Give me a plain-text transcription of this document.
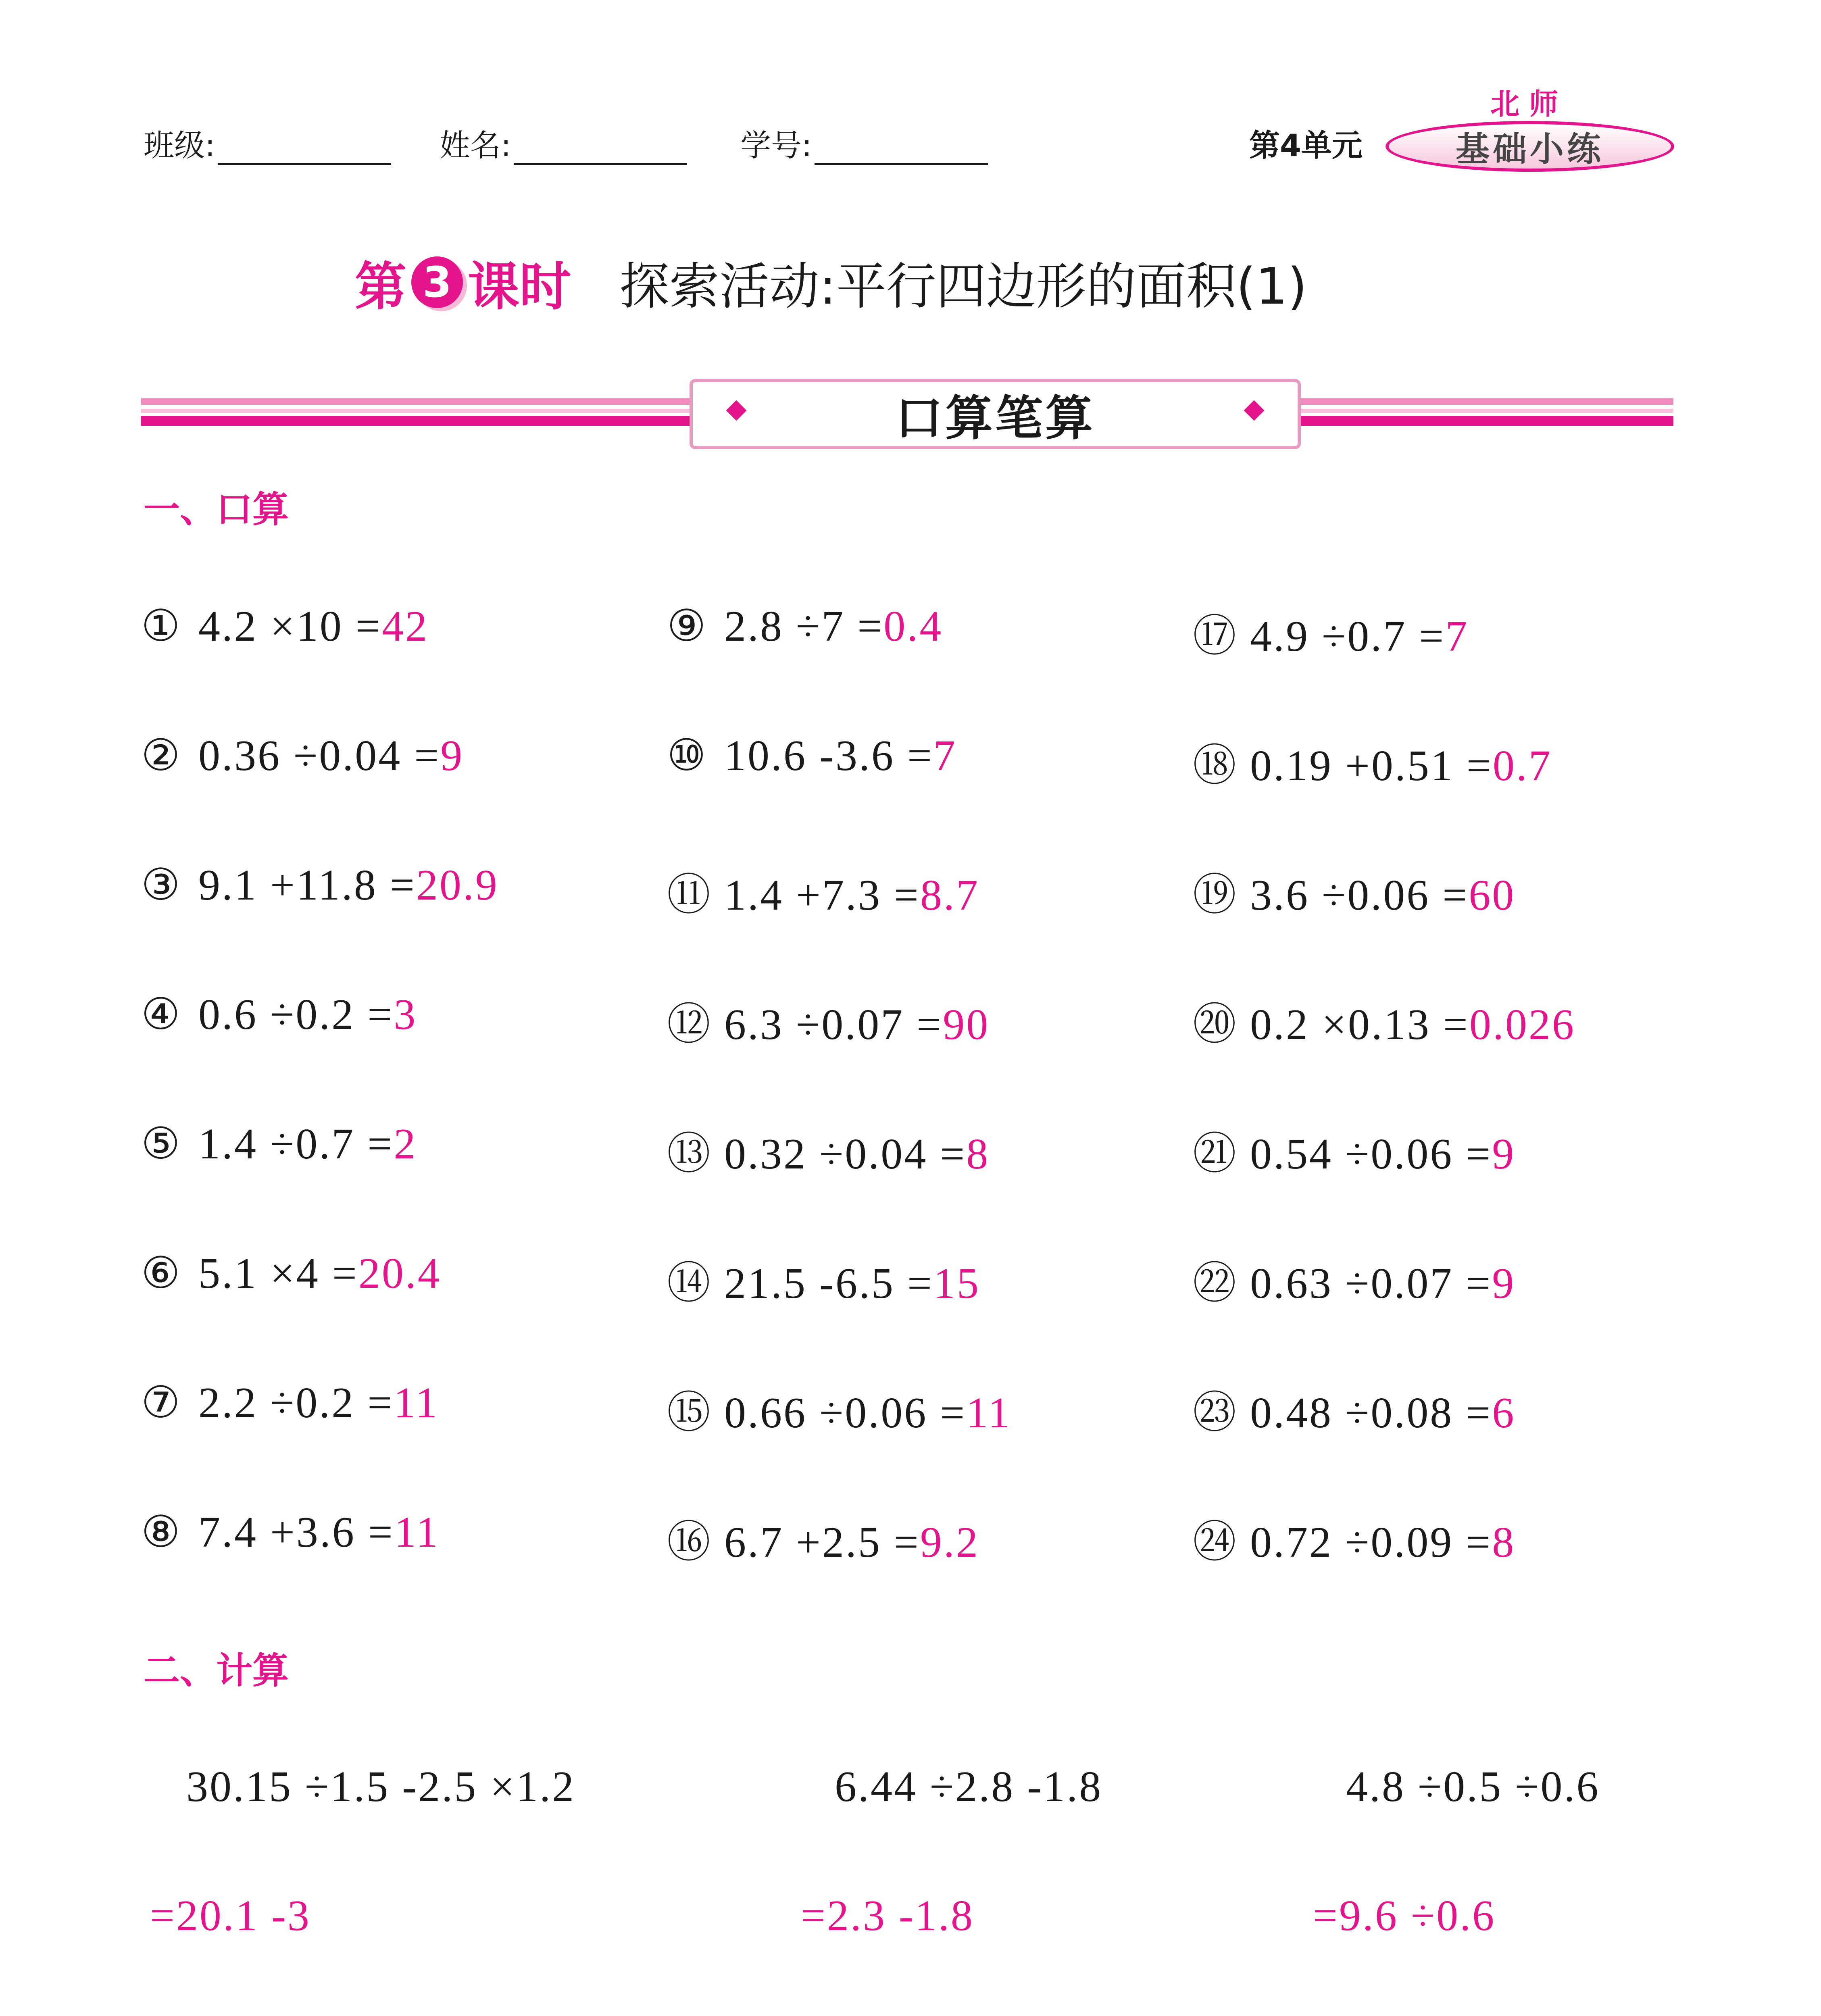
班级:	姓名:	学号:	第4单元
北师
基础小练
第 3 课时 探索活动:平行四边形的面积(1)
口算笔算
一、口算
① 4.2 ×10 =42
② 0.36 ÷0.04 =9
③ 9.1 +11.8 =20.9
④ 0.6 ÷0.2 =3
⑤ 1.4 ÷0.7 =2
⑥ 5.1 ×4 =20.4
⑦ 2.2 ÷0.2 =11
⑧ 7.4 +3.6 =11
⑨ 2.8 ÷7 =0.4
⑩ 10.6 -3.6 =7
⑪ 1.4 +7.3 =8.7
⑫ 6.3 ÷0.07 =90
⑬ 0.32 ÷0.04 =8
⑭ 21.5 -6.5 =15
⑮ 0.66 ÷0.06 =11
⑯ 6.7 +2.5 =9.2
⑰ 4.9 ÷0.7 =7
⑱ 0.19 +0.51 =0.7
⑲ 3.6 ÷0.06 =60
⑳ 0.2 ×0.13 =0.026
㉑ 0.54 ÷0.06 =9
㉒ 0.63 ÷0.07 =9
㉓ 0.48 ÷0.08 =6
㉔ 0.72 ÷0.09 =8
二、计算
30.15 ÷1.5 -2.5 ×1.2
=20.1 -3
6.44 ÷2.8 -1.8
=2.3 -1.8
4.8 ÷0.5 ÷0.6
=9.6 ÷0.6
